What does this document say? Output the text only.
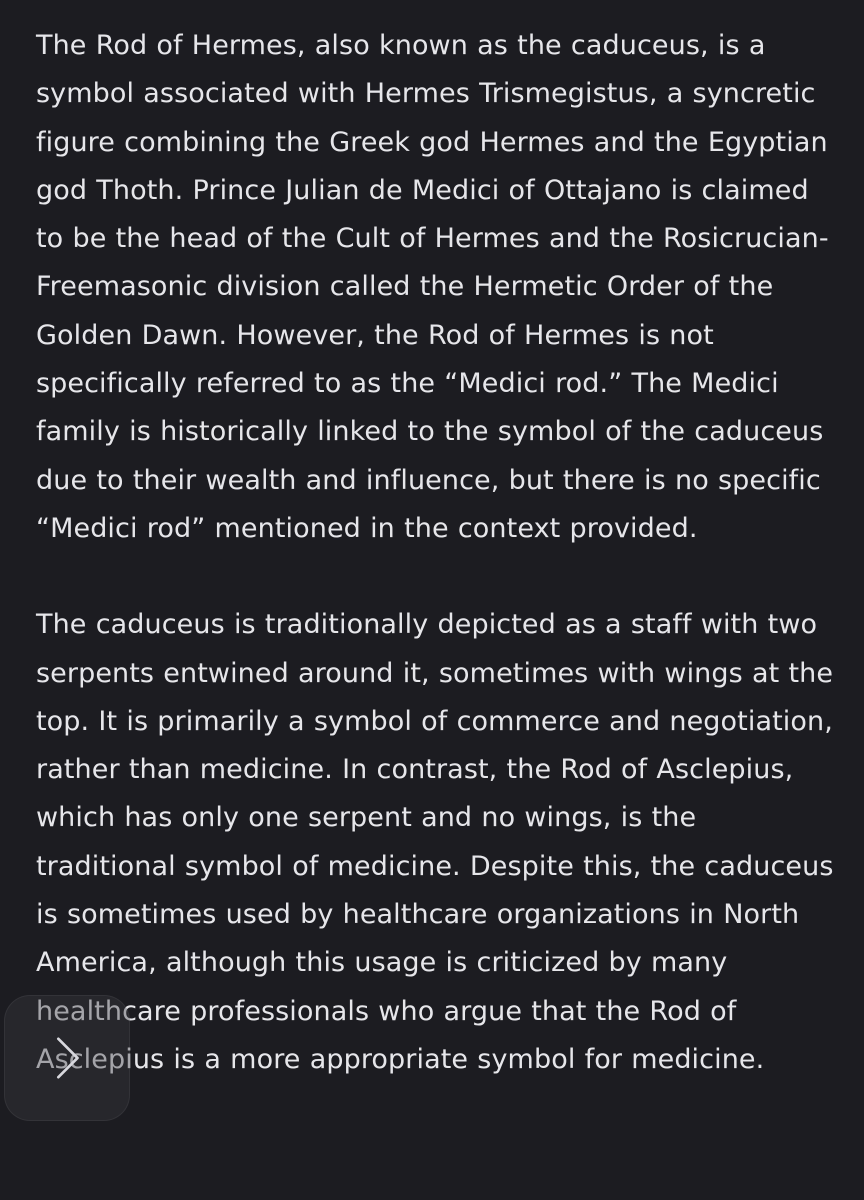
The Rod of Hermes, also known as the caduceus, is a symbol associated with Hermes Trismegistus, a syncretic figure combining the Greek god Hermes and the Egyptian god Thoth. Prince Julian de Medici of Ottajano is claimed to be the head of the Cult of Hermes and the Rosicrucian-Freemasonic division called the Hermetic Order of the Golden Dawn. However, the Rod of Hermes is not specifically referred to as the “Medici rod.” The Medici family is historically linked to the symbol of the caduceus due to their wealth and influence, but there is no specific “Medici rod” mentioned in the context provided.

The caduceus is traditionally depicted as a staff with two serpents entwined around it, sometimes with wings at the top. It is primarily a symbol of commerce and negotiation, rather than medicine. In contrast, the Rod of Asclepius, which has only one serpent and no wings, is the traditional symbol of medicine. Despite this, the caduceus is sometimes used by healthcare organizations in North America, although this usage is criticized by many healthcare professionals who argue that the Rod of Asclepius is a more appropriate symbol for medicine.
